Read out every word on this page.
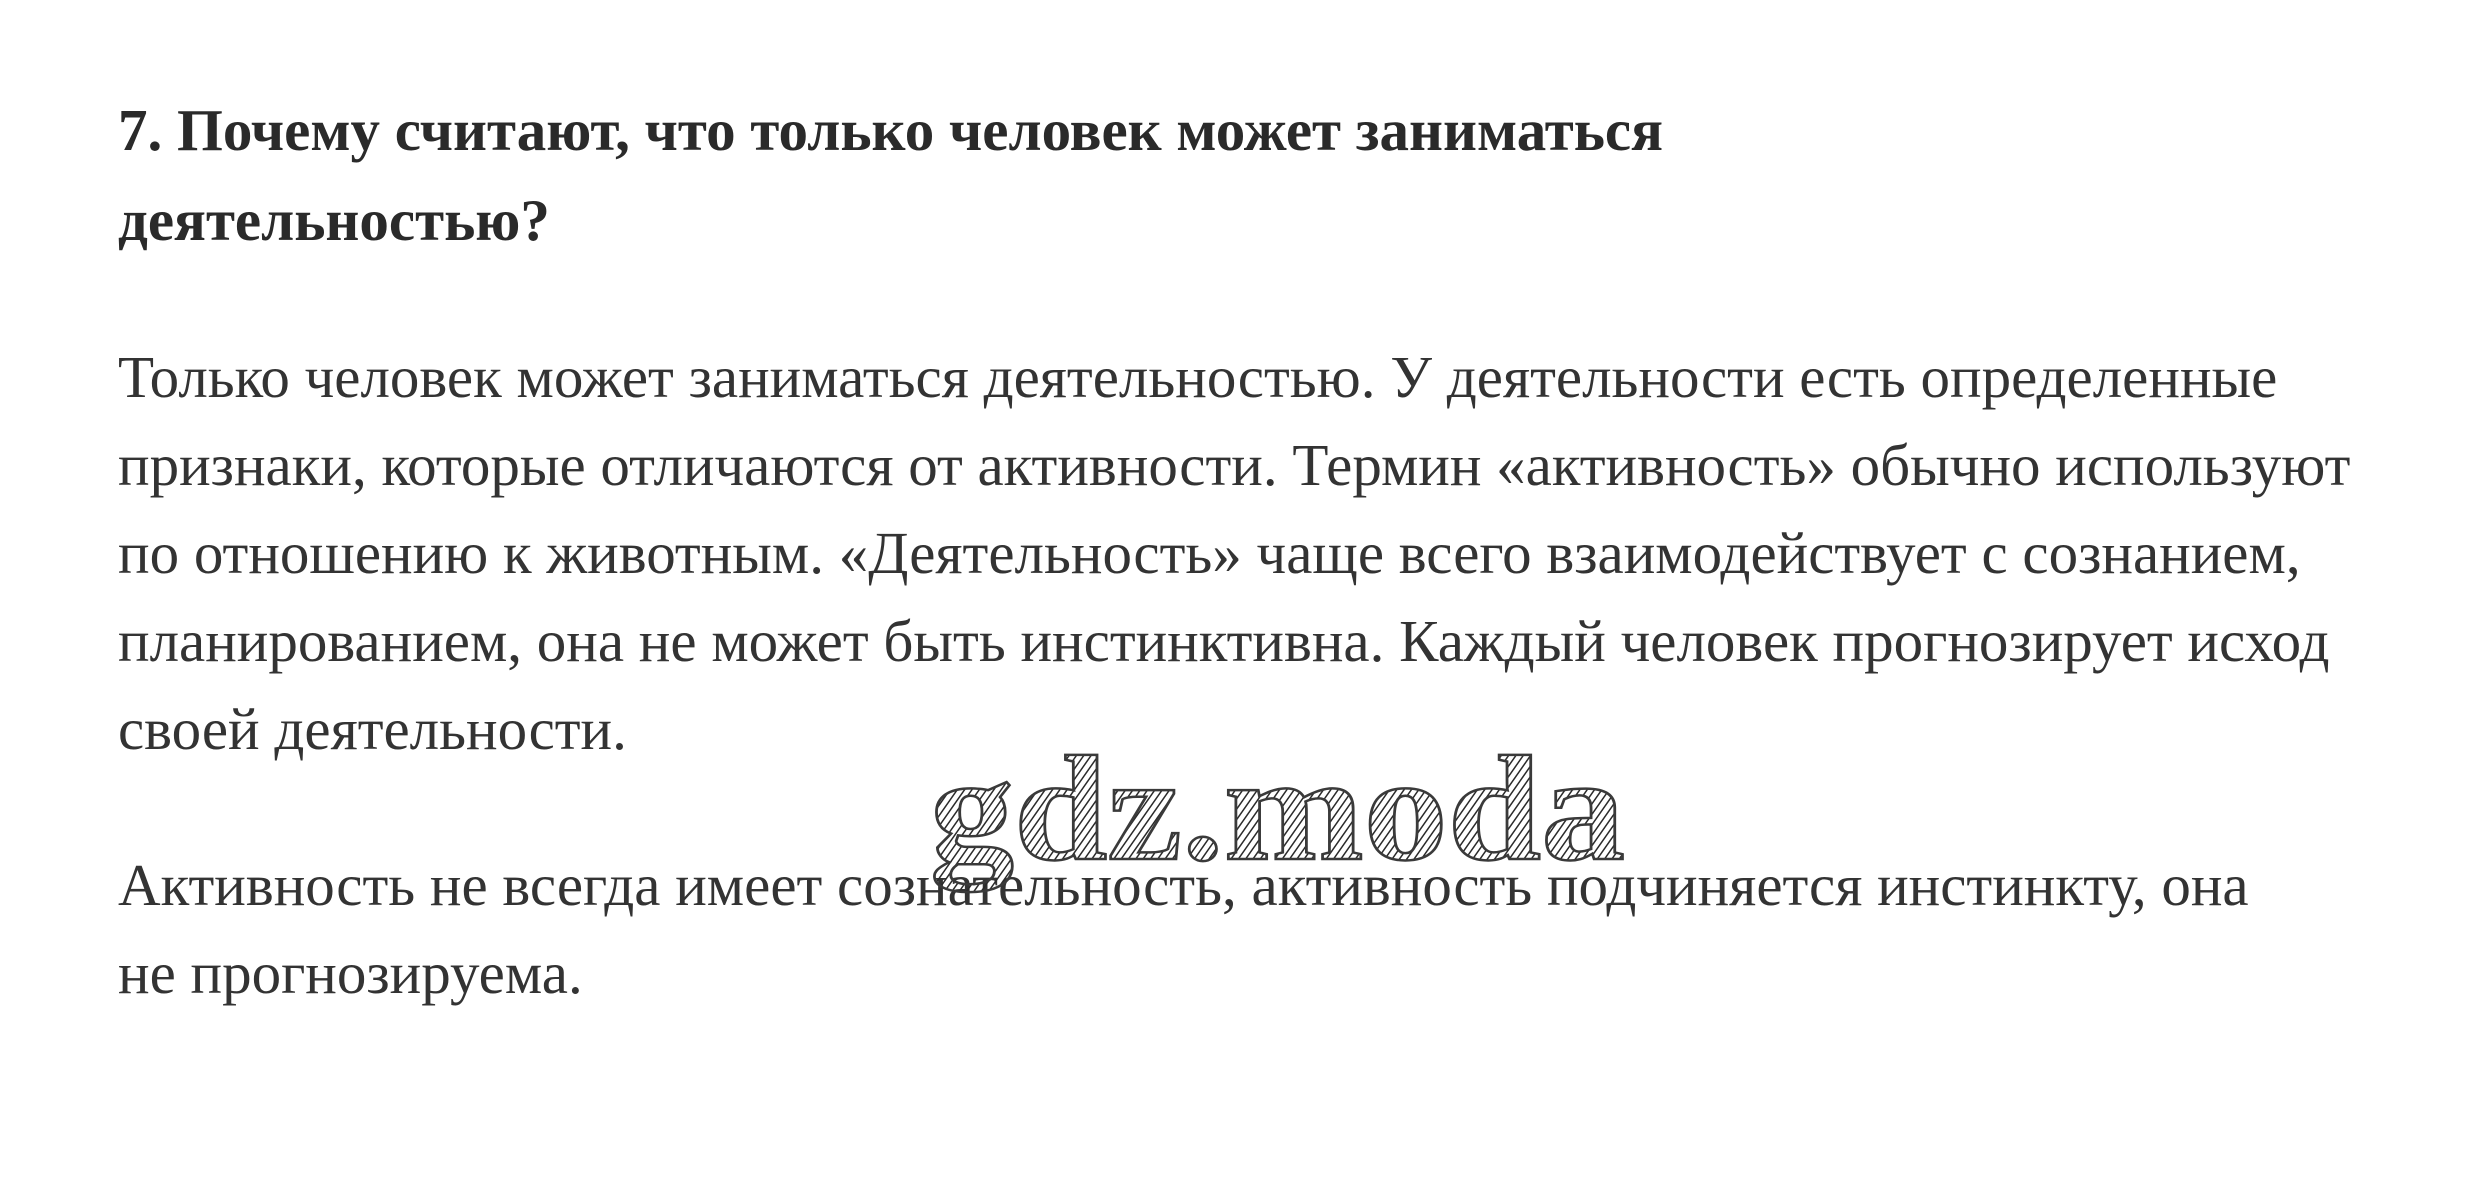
7. Почему считают, что только человек может заниматься деятельностью?

Только человек может заниматься деятельностью. У деятельности есть определенные признаки, которые отличаются от активности. Термин «активность» обычно используют по отношению к животным. «Деятельность» чаще всего взаимодействует с сознанием, планированием, она не может быть инстинктивна. Каждый человек прогнозирует исход своей деятельности.

Активность не всегда имеет сознательность, активность подчиняется инстинкту, она не прогнозируема.

gdz.moda
